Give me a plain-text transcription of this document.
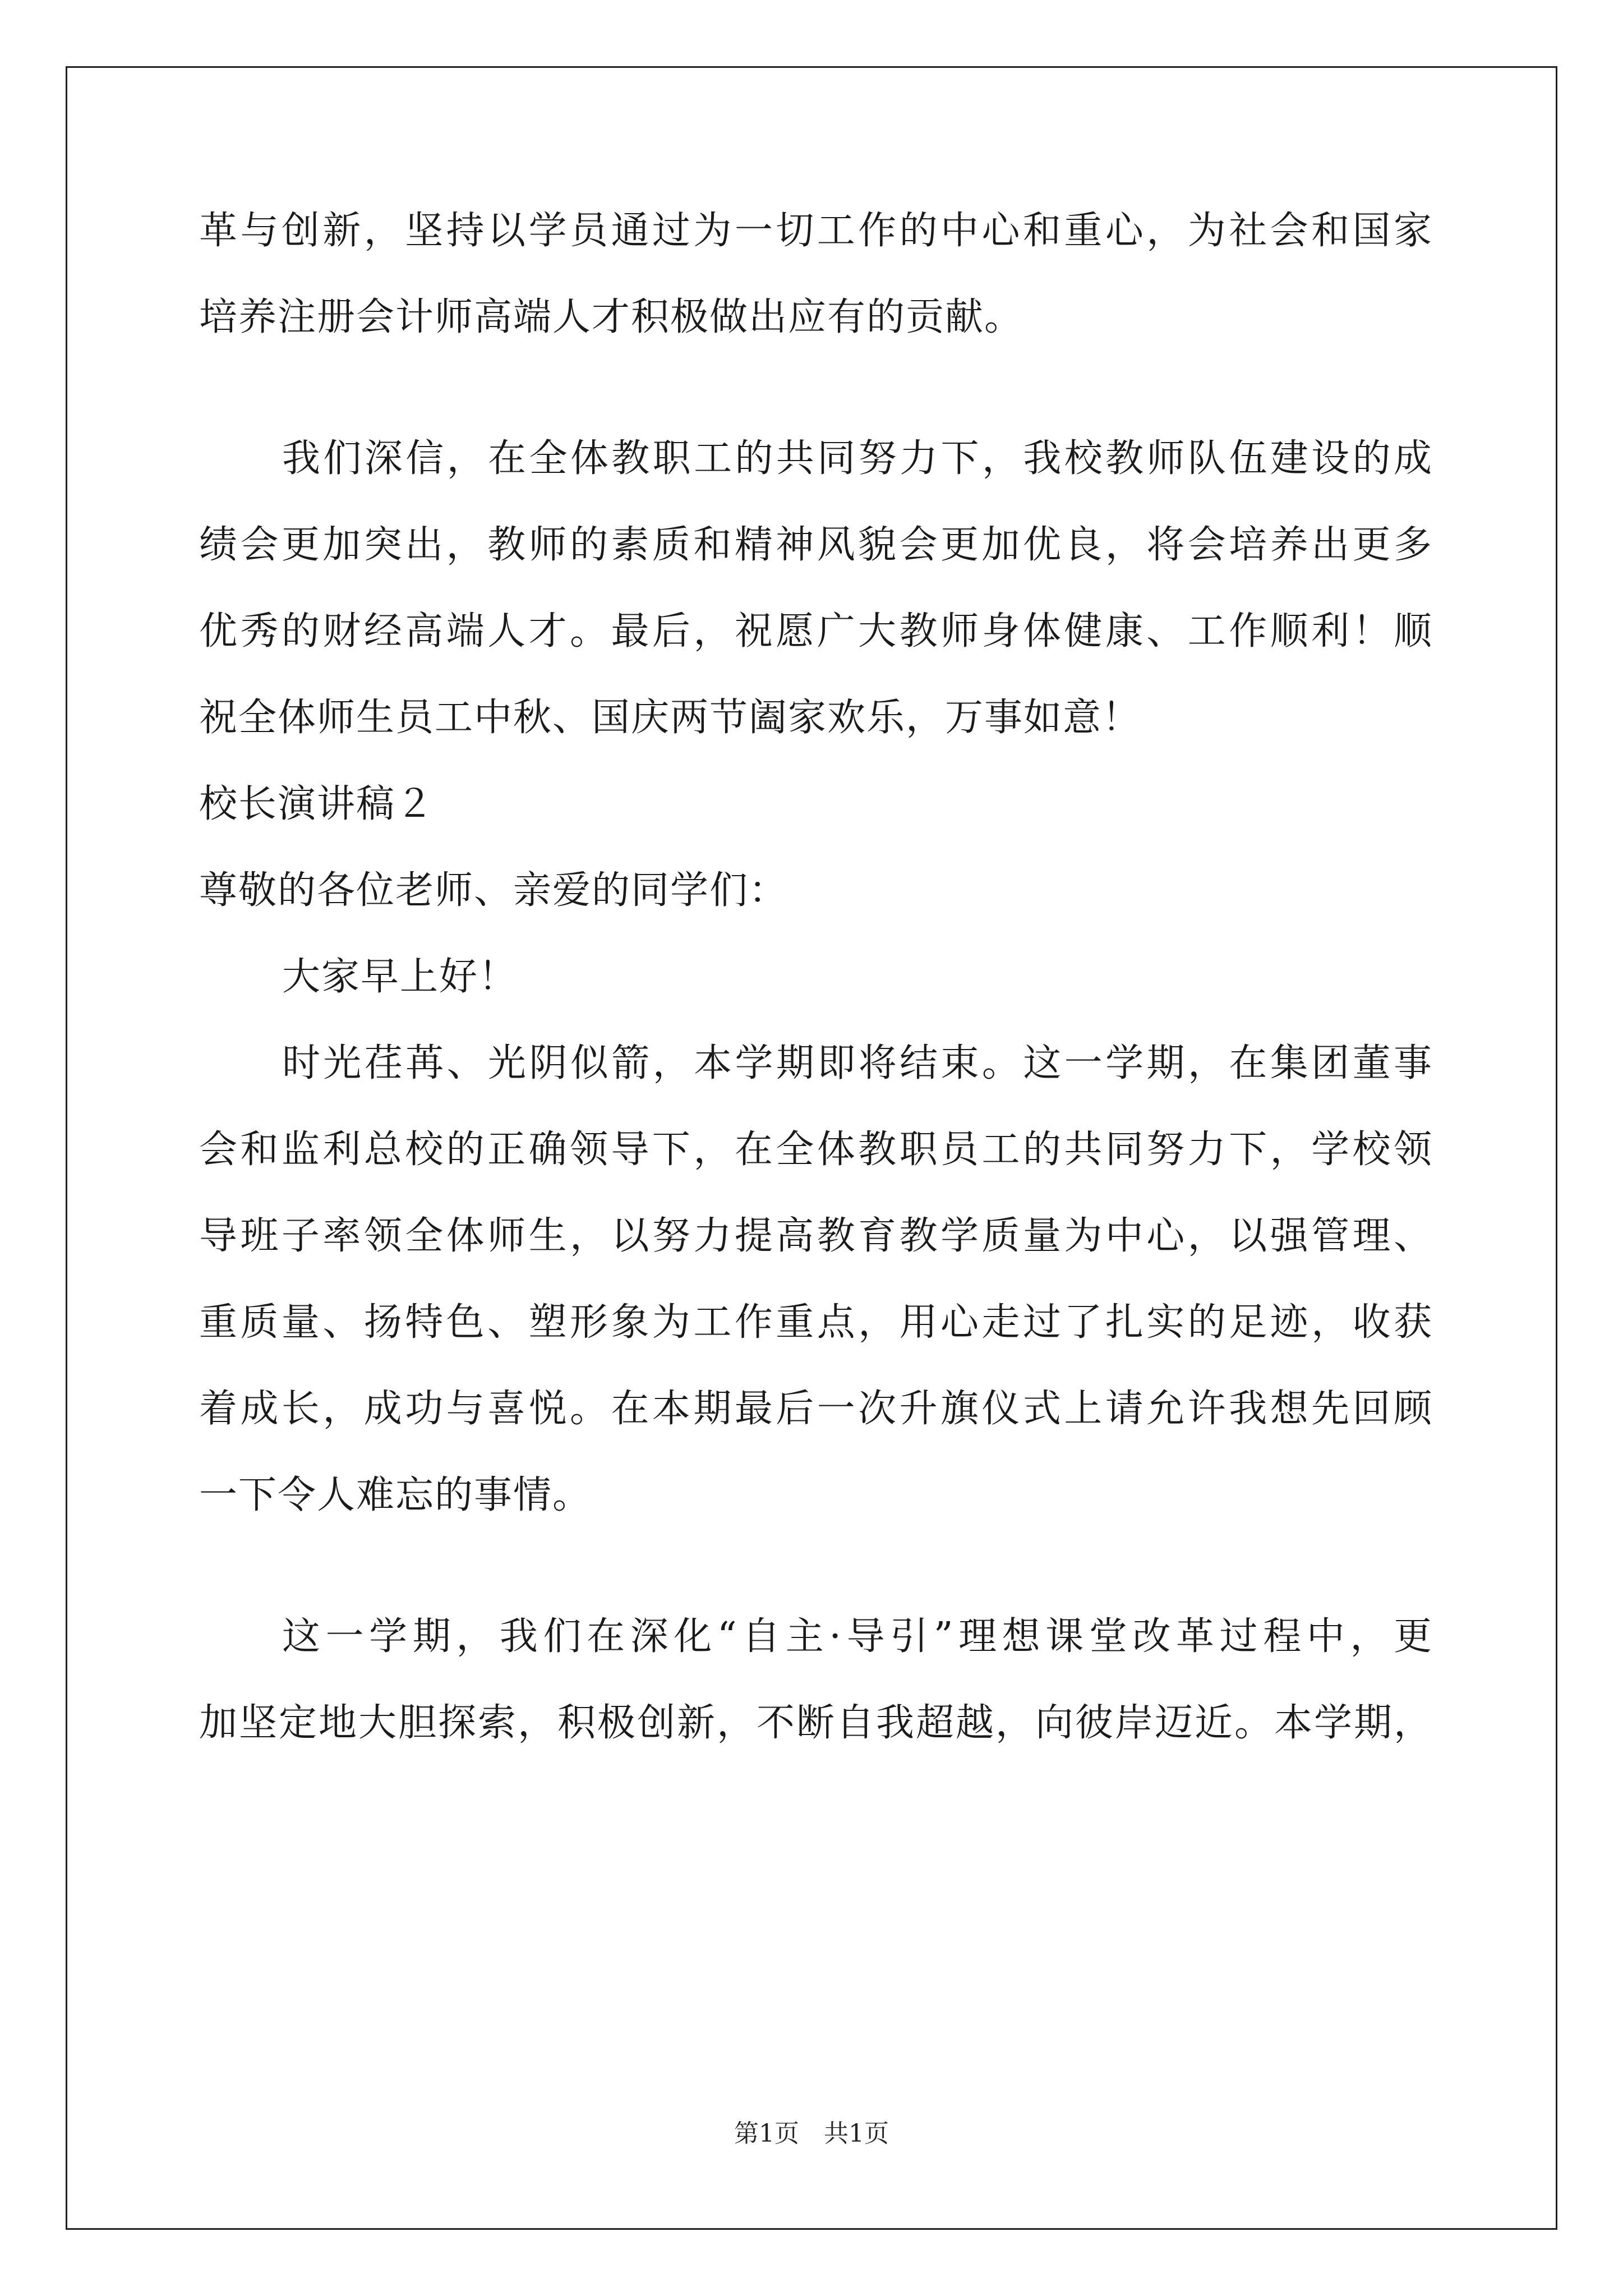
革与创新，坚持以学员通过为一切工作的中心和重心，为社会和国家
培养注册会计师高端人才积极做出应有的贡献。
我们深信，在全体教职工的共同努力下，我校教师队伍建设的成
绩会更加突出，教师的素质和精神风貌会更加优良，将会培养出更多
优秀的财经高端人才。最后，祝愿广大教师身体健康、工作顺利！顺
祝全体师生员工中秋、国庆两节阖家欢乐，万事如意！
校长演讲稿２
尊敬的各位老师、亲爱的同学们：
大家早上好！
时光荏苒、光阴似箭，本学期即将结束。这一学期，在集团董事
会和监利总校的正确领导下，在全体教职员工的共同努力下，学校领
导班子率领全体师生，以努力提高教育教学质量为中心，以强管理、
重质量、扬特色、塑形象为工作重点，用心走过了扎实的足迹，收获
着成长，成功与喜悦。在本期最后一次升旗仪式上请允许我想先回顾
一下令人难忘的事情。
这一学期，我们在深化“自主·导引”理想课堂改革过程中，更
加坚定地大胆探索，积极创新，不断自我超越，向彼岸迈近。本学期，
第1页　共1页
